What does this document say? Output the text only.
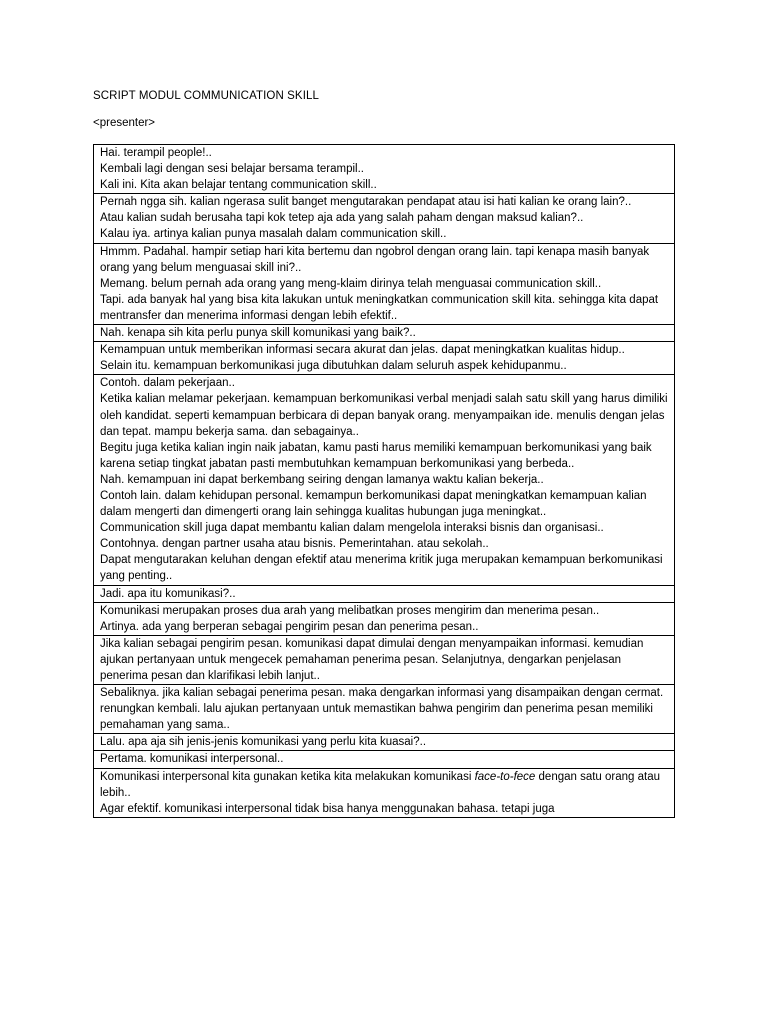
SCRIPT MODUL COMMUNICATION SKILL
<presenter>
Hai. terampil people!..
Kembali lagi dengan sesi belajar bersama terampil..
Kali ini. Kita akan belajar tentang communication skill..

Pernah ngga sih. kalian ngerasa sulit banget mengutarakan pendapat atau isi hati kalian ke orang lain?..
Atau kalian sudah berusaha tapi kok tetep aja ada yang salah paham dengan maksud kalian?..
Kalau iya. artinya kalian punya masalah dalam communication skill..

Hmmm. Padahal. hampir setiap hari kita bertemu dan ngobrol dengan orang lain. tapi kenapa masih banyak orang yang belum menguasai skill ini?..
Memang. belum pernah ada orang yang meng-klaim dirinya telah menguasai communication skill..
Tapi. ada banyak hal yang bisa kita lakukan untuk meningkatkan communication skill kita. sehingga kita dapat mentransfer dan menerima informasi dengan lebih efektif..

Nah. kenapa sih kita perlu punya skill komunikasi yang baik?..

Kemampuan untuk memberikan informasi secara akurat dan jelas. dapat meningkatkan kualitas hidup..
Selain itu. kemampuan berkomunikasi juga dibutuhkan dalam seluruh aspek kehidupanmu..

Contoh. dalam pekerjaan..
Ketika kalian melamar pekerjaan. kemampuan berkomunikasi verbal menjadi salah satu skill yang harus dimiliki oleh kandidat. seperti kemampuan berbicara di depan banyak orang. menyampaikan ide. menulis dengan jelas dan tepat. mampu bekerja sama. dan sebagainya..
Begitu juga ketika kalian ingin naik jabatan, kamu pasti harus memiliki kemampuan berkomunikasi yang baik karena setiap tingkat jabatan pasti membutuhkan kemampuan berkomunikasi yang berbeda..
Nah. kemampuan ini dapat berkembang seiring dengan lamanya waktu kalian bekerja..
Contoh lain. dalam kehidupan personal. kemampun berkomunikasi dapat meningkatkan kemampuan kalian dalam mengerti dan dimengerti orang lain sehingga kualitas hubungan juga meningkat..
Communication skill juga dapat membantu kalian dalam mengelola interaksi bisnis dan organisasi..
Contohnya. dengan partner usaha atau bisnis. Pemerintahan. atau sekolah..
Dapat mengutarakan keluhan dengan efektif atau menerima kritik juga merupakan kemampuan berkomunikasi yang penting..

Jadi. apa itu komunikasi?..

Komunikasi merupakan proses dua arah yang melibatkan proses mengirim dan menerima pesan..
Artinya. ada yang berperan sebagai pengirim pesan dan penerima pesan..

Jika kalian sebagai pengirim pesan. komunikasi dapat dimulai dengan menyampaikan informasi. kemudian ajukan pertanyaan untuk mengecek pemahaman penerima pesan. Selanjutnya, dengarkan penjelasan penerima pesan dan klarifikasi lebih lanjut..

Sebaliknya. jika kalian sebagai penerima pesan. maka dengarkan informasi yang disampaikan dengan cermat. renungkan kembali. lalu ajukan pertanyaan untuk memastikan bahwa pengirim dan penerima pesan memiliki pemahaman yang sama..

Lalu. apa aja sih jenis-jenis komunikasi yang perlu kita kuasai?..

Pertama. komunikasi interpersonal..

Komunikasi interpersonal kita gunakan ketika kita melakukan komunikasi face-to-fece dengan satu orang atau lebih..
Agar efektif. komunikasi interpersonal tidak bisa hanya menggunakan bahasa. tetapi juga
